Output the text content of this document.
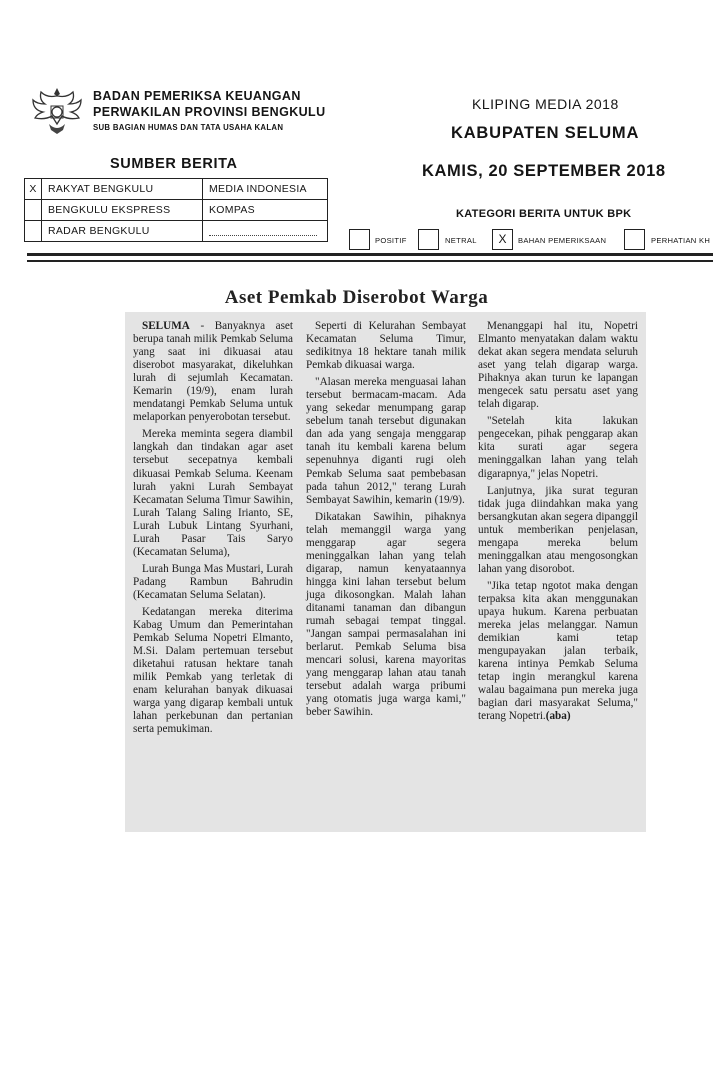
BADAN PEMERIKSA KEUANGAN
PERWAKILAN PROVINSI BENGKULU
SUB BAGIAN HUMAS DAN TATA USAHA KALAN
KLIPING MEDIA 2018
KABUPATEN SELUMA
KAMIS, 20 SEPTEMBER 2018
SUMBER BERITA
X	RAKYAT BENGKULU	MEDIA INDONESIA
	BENGKULU EKSPRESS	KOMPAS
	RADAR BENGKULU	
KATEGORI BERITA UNTUK BPK
POSITIF	NETRAL	X	BAHAN PEMERIKSAAN	PERHATIAN KH
Aset Pemkab Diserobot Warga

SELUMA - Banyaknya aset berupa tanah milik Pemkab Seluma yang saat ini dikuasai atau diserobot masyarakat, dikeluhkan lurah di sejumlah Kecamatan. Kemarin (19/9), enam lurah mendatangi Pemkab Seluma untuk melaporkan penyerobotan tersebut.

Mereka meminta segera diambil langkah dan tindakan agar aset tersebut secepatnya kembali dikuasai Pemkab Seluma. Keenam lurah yakni Lurah Sembayat Kecamatan Seluma Timur Sawihin, Lurah Talang Saling Irianto, SE, Lurah Lubuk Lintang Syurhani, Lurah Pasar Tais Saryo (Kecamatan Seluma),

Lurah Bunga Mas Mustari, Lurah Padang Rambun Bahrudin (Kecamatan Seluma Selatan).

Kedatangan mereka diterima Kabag Umum dan Pemerintahan Pemkab Seluma Nopetri Elmanto, M.Si. Dalam pertemuan tersebut diketahui ratusan hektare tanah milik Pemkab yang terletak di enam kelurahan banyak dikuasai warga yang digarap kembali untuk lahan perkebunan dan pertanian serta pemukiman.

Seperti di Kelurahan Sembayat Kecamatan Seluma Timur, sedikitnya 18 hektare tanah milik Pemkab dikuasai warga.

"Alasan mereka menguasai lahan tersebut bermacam-macam. Ada yang sekedar menumpang garap sebelum tanah tersebut digunakan dan ada yang sengaja menggarap tanah itu kembali karena belum sepenuhnya diganti rugi oleh Pemkab Seluma saat pembebasan pada tahun 2012," terang Lurah Sembayat Sawihin, kemarin (19/9).

Dikatakan Sawihin, pihaknya telah memanggil warga yang menggarap agar segera meninggalkan lahan yang telah digarap, namun kenyataannya hingga kini lahan tersebut belum juga dikosongkan. Malah lahan ditanami tanaman dan dibangun rumah sebagai tempat tinggal. "Jangan sampai permasalahan ini berlarut. Pemkab Seluma bisa mencari solusi, karena mayoritas yang menggarap lahan atau tanah tersebut adalah warga pribumi yang otomatis juga warga kami," beber Sawihin.

Menanggapi hal itu, Nopetri Elmanto menyatakan dalam waktu dekat akan segera mendata seluruh aset yang telah digarap warga. Pihaknya akan turun ke lapangan mengecek satu persatu aset yang telah digarap.

"Setelah kita lakukan pengecekan, pihak penggarap akan kita surati agar segera meninggalkan lahan yang telah digarapnya," jelas Nopetri.

Lanjutnya, jika surat teguran tidak juga diindahkan maka yang bersangkutan akan segera dipanggil untuk memberikan penjelasan, mengapa mereka belum meninggalkan atau mengosongkan lahan yang disorobot.

"Jika tetap ngotot maka dengan terpaksa kita akan menggunakan upaya hukum. Karena perbuatan mereka jelas melanggar. Namun demikian kami tetap mengupayakan jalan terbaik, karena intinya Pemkab Seluma tetap ingin merangkul karena walau bagaimana pun mereka juga bagian dari masyarakat Seluma," terang Nopetri.(aba)
